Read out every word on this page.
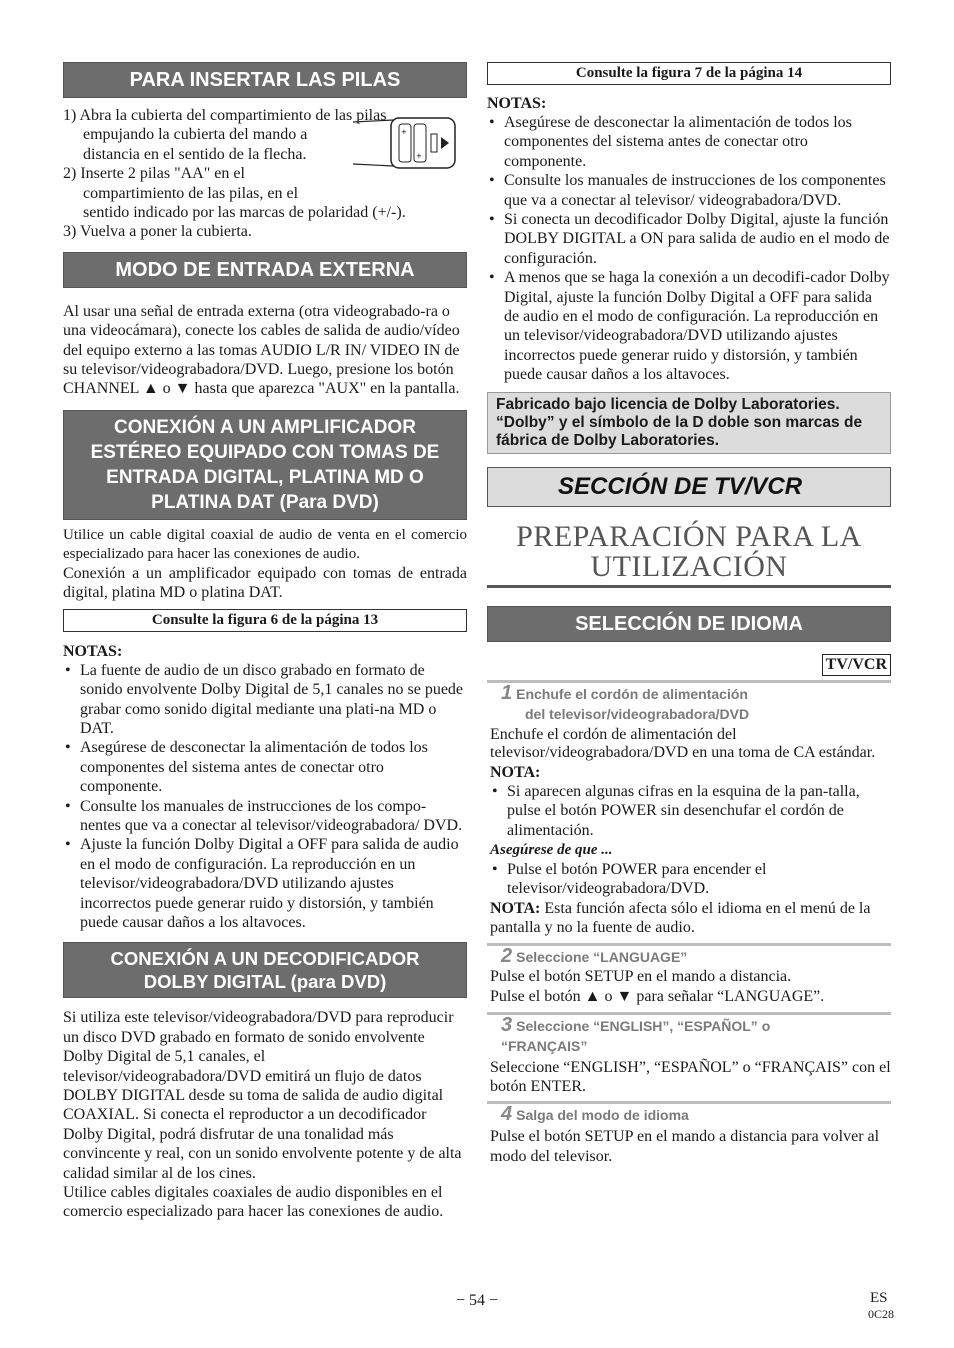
PARA INSERTAR LAS PILAS
+
+
1) Abra la cubierta del compartimiento de las pilas
empujando la cubierta del mando a
distancia en el sentido de la flecha.
2) Inserte 2 pilas "AA" en el
compartimiento de las pilas, en el
sentido indicado por las marcas de polaridad (+/-).
3) Vuelva a poner la cubierta.
MODO DE ENTRADA EXTERNA

Al usar una señal de entrada externa (otra videograbado-ra o una videocámara), conecte los cables de salida de audio/vídeo del equipo externo a las tomas AUDIO L/R IN/ VIDEO IN de su televisor/videograbadora/DVD. Luego, presione los botón CHANNEL ▲ o ▼ hasta que aparezca "AUX" en la pantalla.

CONEXIÓN A UN AMPLIFICADOR
ESTÉREO EQUIPADO CON TOMAS DE
ENTRADA DIGITAL, PLATINA MD O
PLATINA DAT (Para DVD)

Utilice un cable digital coaxial de audio de venta en el comercio especializado para hacer las conexiones de audio.

Conexión a un amplificador equipado con tomas de entrada digital, platina MD o platina DAT.

Consulte la figura 6 de la página 13
NOTAS:
• La fuente de audio de un disco grabado en formato de sonido envolvente Dolby Digital de 5,1 canales no se puede grabar como sonido digital mediante una plati-na MD o DAT.
• Asegúrese de desconectar la alimentación de todos los componentes del sistema antes de conectar otro componente.
• Consulte los manuales de instrucciones de los compo-nentes que va a conectar al televisor/videograbadora/ DVD.
• Ajuste la función Dolby Digital a OFF para salida de audio en el modo de configuración. La reproducción en un televisor/videograbadora/DVD utilizando ajustes incorrectos puede generar ruido y distorsión, y también puede causar daños a los altavoces.
CONEXIÓN A UN DECODIFICADOR
DOLBY DIGITAL (para DVD)

Si utiliza este televisor/videograbadora/DVD para reproducir un disco DVD grabado en formato de sonido envolvente Dolby Digital de 5,1 canales, el televisor/videograbadora/DVD emitirá un flujo de datos DOLBY DIGITAL desde su toma de salida de audio digital COAXIAL. Si conecta el reproductor a un decodificador Dolby Digital, podrá disfrutar de una tonalidad más convincente y real, con un sonido envolvente potente y de alta calidad similar al de los cines.

Utilice cables digitales coaxiales de audio disponibles en el comercio especializado para hacer las conexiones de audio.

Consulte la figura 7 de la página 14
NOTAS:
• Asegúrese de desconectar la alimentación de todos los componentes del sistema antes de conectar otro componente.
• Consulte los manuales de instrucciones de los componentes que va a conectar al televisor/ videograbadora/DVD.
• Si conecta un decodificador Dolby Digital, ajuste la función DOLBY DIGITAL a ON para salida de audio en el modo de configuración.
• A menos que se haga la conexión a un decodifi-cador Dolby Digital, ajuste la función Dolby Digital a OFF para salida de audio en el modo de configuración. La reproducción en un televisor/videograbadora/DVD utilizando ajustes incorrectos puede generar ruido y distorsión, y también puede causar daños a los altavoces.
Fabricado bajo licencia de Dolby Laboratories. “Dolby” y el símbolo de la D doble son marcas de fábrica de Dolby Laboratories.
SECCIÓN DE TV/VCR
PREPARACIÓN PARA LA
UTILIZACIÓN
SELECCIÓN DE IDIOMA
TV/VCR
1 Enchufe el cordón de alimentación
del televisor/videograbadora/DVD

Enchufe el cordón de alimentación del televisor/videograbadora/DVD en una toma de CA estándar.

NOTA:
• Si aparecen algunas cifras en la esquina de la pan-talla, pulse el botón POWER sin desenchufar el cordón de alimentación.
Asegúrese de que ...
• Pulse el botón POWER para encender el televisor/videograbadora/DVD.

NOTA: Esta función afecta sólo el idioma en el menú de la pantalla y no la fuente de audio.

2 Seleccione “LANGUAGE”

Pulse el botón SETUP en el mando a distancia.

Pulse el botón ▲ o ▼ para señalar “LANGUAGE”.

3 Seleccione “ENGLISH”, “ESPAÑOL” o
“FRANÇAIS”

Seleccione “ENGLISH”, “ESPAÑOL” o “FRANÇAIS” con el botón ENTER.

4 Salga del modo de idioma

Pulse el botón SETUP en el mando a distancia para volver al modo del televisor.

− 54 −	ES
0C28
